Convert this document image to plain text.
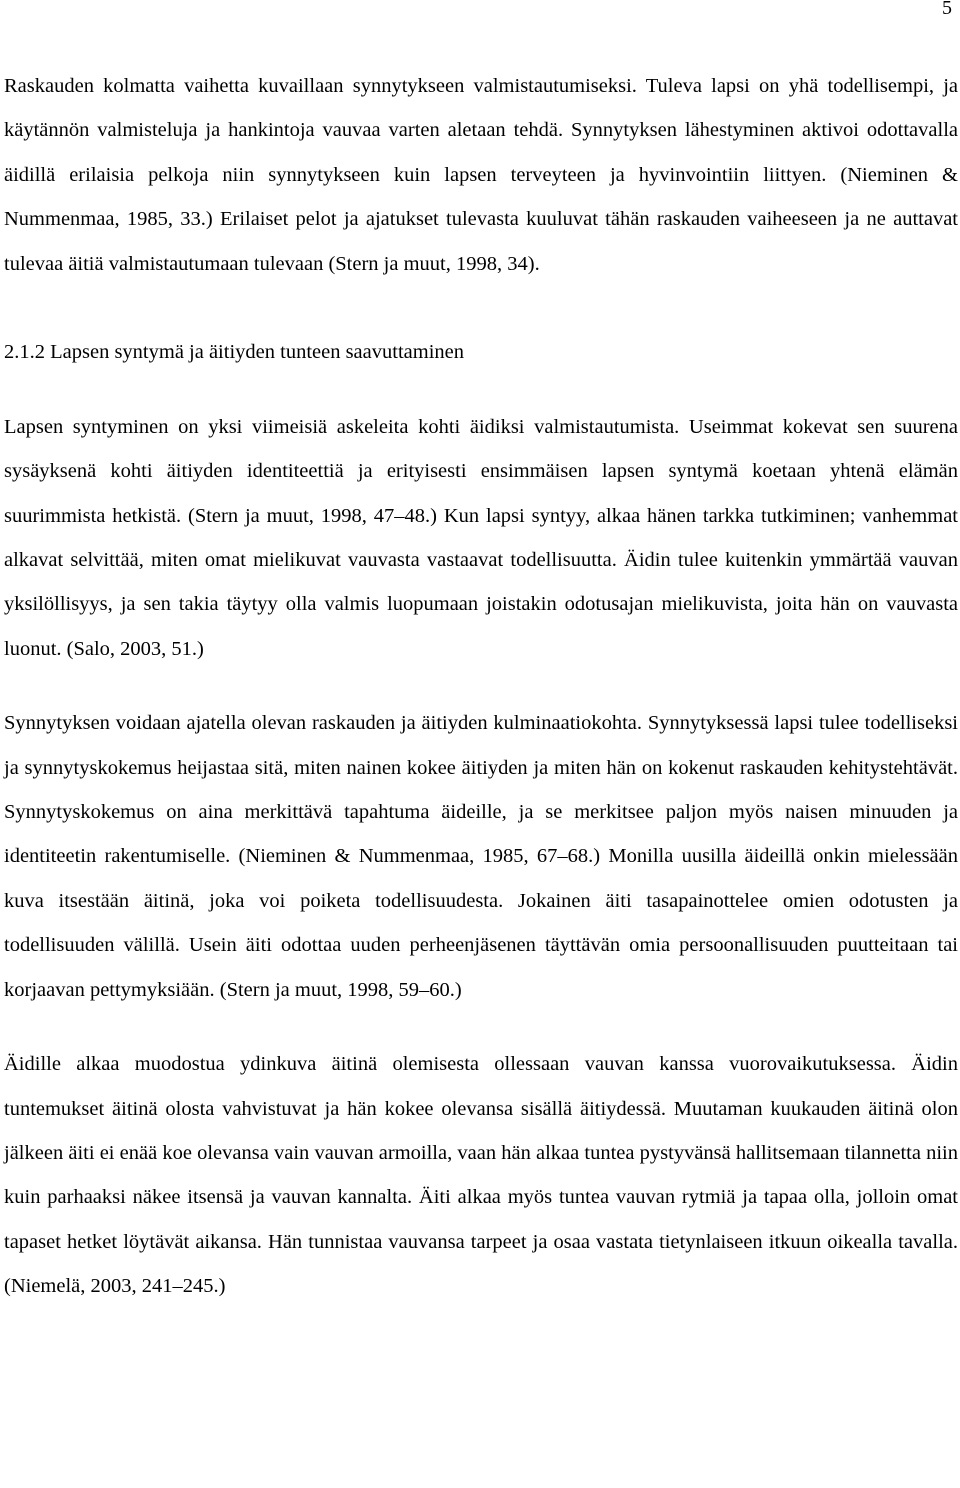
5

Raskauden kolmatta vaihetta kuvaillaan synnytykseen valmistautumiseksi. Tuleva lapsi on yhä todellisempi, ja käytännön valmisteluja ja hankintoja vauvaa varten aletaan tehdä. Synnytyksen lähestyminen aktivoi odottavalla äidillä erilaisia pelkoja niin synnytykseen kuin lapsen terveyteen ja hyvinvointiin liittyen. (Nieminen & Nummenmaa, 1985, 33.) Erilaiset pelot ja ajatukset tulevasta kuuluvat tähän raskauden vaiheeseen ja ne auttavat tulevaa äitiä valmistautumaan tulevaan (Stern ja muut, 1998, 34).

2.1.2 Lapsen syntymä ja äitiyden tunteen saavuttaminen

Lapsen syntyminen on yksi viimeisiä askeleita kohti äidiksi valmistautumista. Useimmat kokevat sen suurena sysäyksenä kohti äitiyden identiteettiä ja erityisesti ensimmäisen lapsen syntymä koetaan yhtenä elämän suurimmista hetkistä. (Stern ja muut, 1998, 47–48.) Kun lapsi syntyy, alkaa hänen tarkka tutkiminen; vanhemmat alkavat selvittää, miten omat mielikuvat vauvasta vastaavat todellisuutta. Äidin tulee kuitenkin ymmärtää vauvan yksilöllisyys, ja sen takia täytyy olla valmis luopumaan joistakin odotusajan mielikuvista, joita hän on vauvasta luonut. (Salo, 2003, 51.)

Synnytyksen voidaan ajatella olevan raskauden ja äitiyden kulminaatiokohta. Synnytyksessä lapsi tulee todelliseksi ja synnytyskokemus heijastaa sitä, miten nainen kokee äitiyden ja miten hän on kokenut raskauden kehitystehtävät. Synnytyskokemus on aina merkittävä tapahtuma äideille, ja se merkitsee paljon myös naisen minuuden ja identiteetin rakentumiselle. (Nieminen & Nummenmaa, 1985, 67–68.) Monilla uusilla äideillä onkin mielessään kuva itsestään äitinä, joka voi poiketa todellisuudesta. Jokainen äiti tasapainottelee omien odotusten ja todellisuuden välillä. Usein äiti odottaa uuden perheenjäsenen täyttävän omia persoonallisuuden puutteitaan tai korjaavan pettymyksiään. (Stern ja muut, 1998, 59–60.)

Äidille alkaa muodostua ydinkuva äitinä olemisesta ollessaan vauvan kanssa vuorovaikutuksessa. Äidin tuntemukset äitinä olosta vahvistuvat ja hän kokee olevansa sisällä äitiydessä. Muutaman kuukauden äitinä olon jälkeen äiti ei enää koe olevansa vain vauvan armoilla, vaan hän alkaa tuntea pystyvänsä hallitsemaan tilannetta niin kuin parhaaksi näkee itsensä ja vauvan kannalta. Äiti alkaa myös tuntea vauvan rytmiä ja tapaa olla, jolloin omat tapaset hetket löytävät aikansa. Hän tunnistaa vauvansa tarpeet ja osaa vastata tietynlaiseen itkuun oikealla tavalla. (Niemelä, 2003, 241–245.)
